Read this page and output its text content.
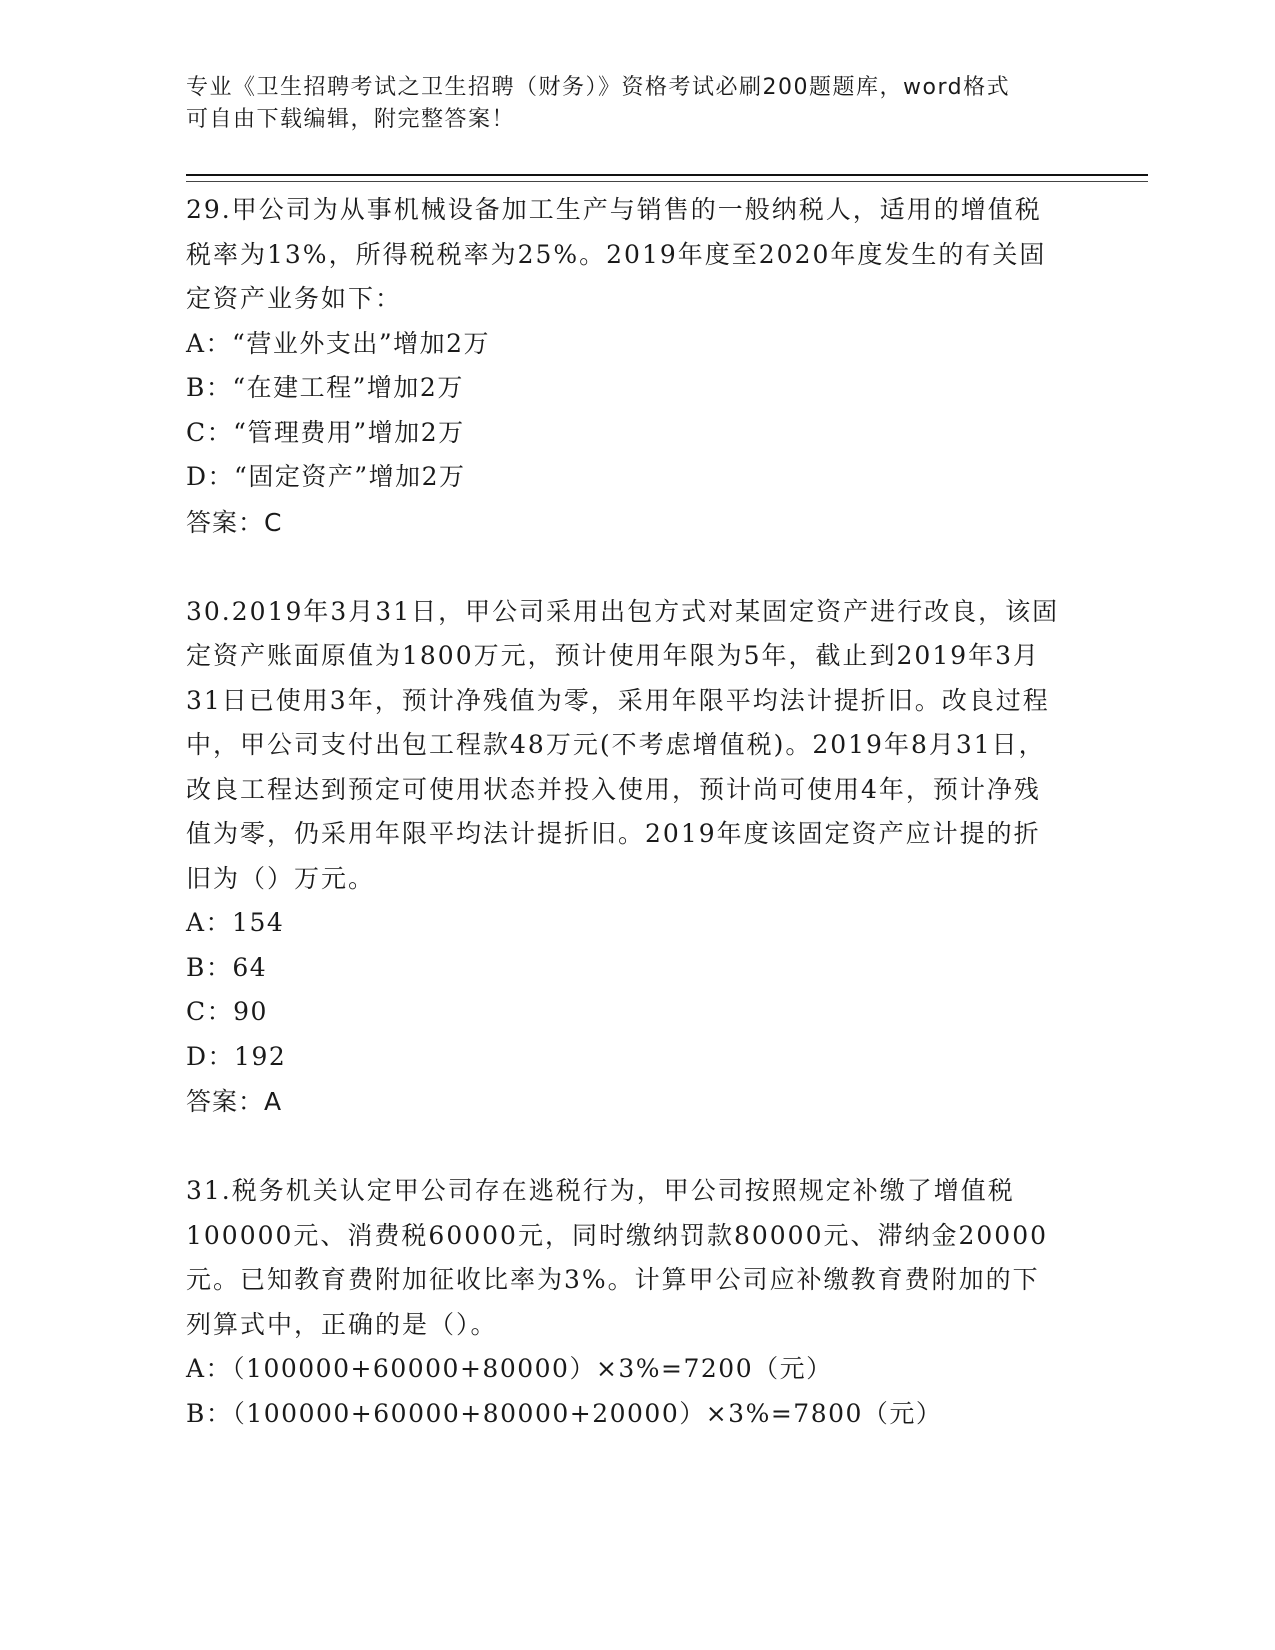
专业《卫生招聘考试之卫生招聘（财务）》资格考试必刷200题题库，word格式
可自由下载编辑，附完整答案！

29.甲公司为从事机械设备加工生产与销售的一般纳税人，适用的增值税税率为13%，所得税税率为25%。2019年度至2020年度发生的有关固定资产业务如下：

A：“营业外支出”增加2万

B：“在建工程”增加2万

C：“管理费用”增加2万

D：“固定资产”增加2万

答案：C

30.2019年3月31日，甲公司采用出包方式对某固定资产进行改良，该固定资产账面原值为1800万元，预计使用年限为5年，截止到2019年3月31日已使用3年，预计净残值为零，采用年限平均法计提折旧。改良过程中，甲公司支付出包工程款48万元(不考虑增值税)。2019年8月31日，改良工程达到预定可使用状态并投入使用，预计尚可使用4年，预计净残值为零，仍采用年限平均法计提折旧。2019年度该固定资产应计提的折旧为（）万元。

A：154

B：64

C：90

D：192

答案：A

31.税务机关认定甲公司存在逃税行为，甲公司按照规定补缴了增值税100000元、消费税60000元，同时缴纳罚款80000元、滞纳金20000元。已知教育费附加征收比率为3%。计算甲公司应补缴教育费附加的下列算式中，正确的是（）。

A：（100000+60000+80000）×3%=7200（元）

B：（100000+60000+80000+20000）×3%=7800（元）
